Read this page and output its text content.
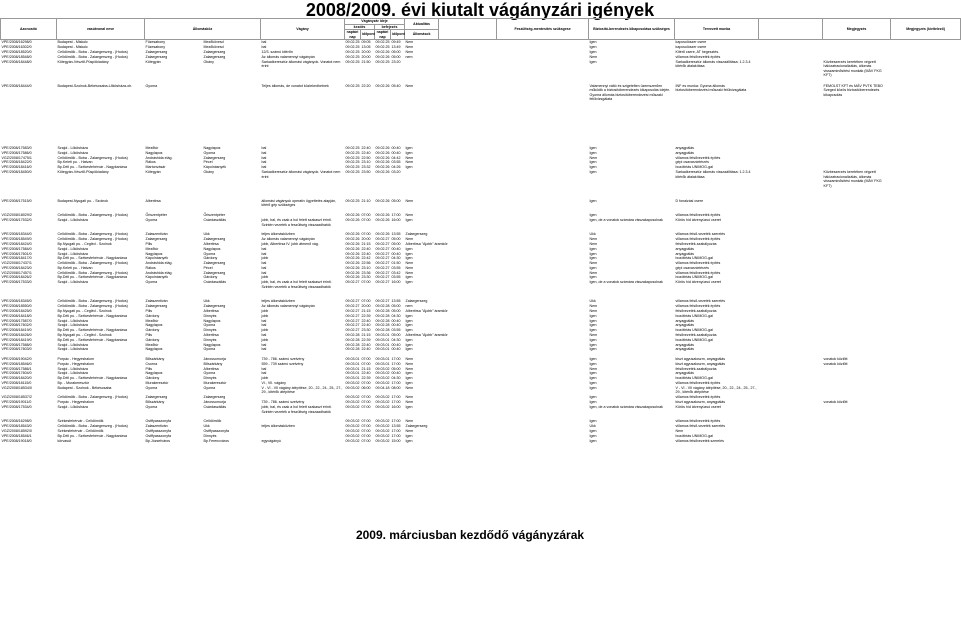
2008/2009. évi kiutalt vágányzári igények
Azonosító	vasútvonal neve	Állomásköz		Vágány	Vágányzár ideje				Aktualitás		Feszültség-mentesítés szüksgese	Biztosító-berendezés kikapcsolása szükséges	Tervezett munka		Megjegyzés	Megjegyzés (kivitelező)
					kezdés		befejezés									
					naptári nap	időpont	naptári nap	időpont	Állomások							
VPE/2008/16298/0	Budapest - Miskolc	Füzesabony	Mezőkövesd	bal	09.02.25	09:05	09.02.25	09:49	Nem			Igen	kapcsolószer csere			
VPE/2008/16302/0	Budapest - Miskolc	Füzesabony	Mezőkövesd	bal	09.02.25	13:05	09.02.25	13:49	Nem			Igen	kapcsolószer csere			
VPE/2008/18520/0	Celldömölk - Boba - Zalaegerszeg - (Hodos)	Zalaegerszeg	Zalaegerszeg	12/3. számú kitérőn	09.02.25	20:00	09.02.26	05:00	Nem			Igen	Kitérő csere, AT hegesztés.			
VPE/2008/18548/0	Celldömölk - Boba - Zalaegerszeg - (Hodos)	Zalaegerszeg	Zalaegerszeg	Az állomás valamennyi vágányán	09.02.25	20:00	09.02.26	05:00	nem			Nem	villamos felsővezeték építés			
VPE/2008/18448/0	Kötegyán-Vésztő-Püspökladány	Kötegyán	Okány	Sarkadkeresztúr állomási vágányok. Vonatot nem érint	09.02.25	21:50	09.02.25	23:20				Igen	Sarkadkeresztúr állomás visszaállítása: 1.2.3.4 kitérők átalakítása		Közbeszerzés keretében végzett hálózatracionalizálás, állomás visszaminősítési munkák (MÁV FKG KFT)	
VPE/2008/18444/0	Budapest-Szolnok-Békéscsaba-Lőkösháza-oh.	Gyoma		Teljes állomás, de vonatot közlekedhetnek	09.02.25	22:20	09.02.26	05:40	Nem			Valamennyi váltó és szigetelten üzemszerűen működik a biztosítóberendezés kikapcsolás idején. Gyoma állomás biztosítóberendezési műszaki felülvizsgálata	INF es munka: Gyoma állomás biztosítóberendezési műszaki felülvizsgálata		FEMOLST KFT és MÁV PVTK TEBO Szeged közös biztosítóberendezés kikapcsolás	
VPE/2008/17583/0	Szajol - Lökösháza	Mezőtúr	Nagylapos	bal	09.02.25	22:40	09.02.26	00:40	Igen			Igen	anyagpálás			
VPE/2008/17586/0	Szajol - Lökösháza	Nagylapos	Gyoma	bal	09.02.25	22:40	09.02.26	00:40	Igen			Igen	anyagpálás			
VGZ/2008/17475/1	Celldömölk - Boba - Zalaegerszeg - (Hodos)	Andráshida elág.	Zalaegerszeg	bal	09.02.25	22:50	09.02.26	04:42	Nem			Nem	villamos felsővezeték építés			
VPE/2008/18422/0	Bp.Keleti pu. - Hatvan	Rákos	Pécel	bal	09.02.25	23:10	09.02.26	03:55	Nem			Igen	gépi osavarzártérzés			
VPE/2008/18416/0	Bp.Déli pu. - Székesfehérvár - Nagykanizsa	Martonvásár	Kápolnásnyék	bal	09.02.25	23:32	09.02.26	04:26	Igen			Igen	bozótirtás UNIMOG-gal			
VPE/2008/18450/0	Kötegyán-Vésztő-Püspökladány	Kötegyán	Okány	Sarkadkeresztúr állomási vágányok. Vonatot nem érint	09.02.25	23:50	09.02.26	03:20				Igen	Sarkadkeresztúr állomás visszaállítása: 1.2.3.4 kitérők átalakítása		Közbeszerzés keretében végzett hálózatracionalizálás, állomás visszaminősítési munkák (MÁV FKG KFT)	
VPE/2008/17515/0	Budapest-Nyugati pu. - Szolnok	Albertirsa		állomási vágányok operatív ügyeltetés alapján, kitérő gép szükséges	09.02.25	21:10	09.02.26	05:00	Nem			Igen	D fonalzási csere			
VGZ/2008/18029/2	Celldömölk - Boba - Zalaegerszeg - (Hodos)	Őriszentpéter	Őriszentpéter		09.02.26	07:00	09.02.26	17:00	Nem			Igen	villamos felsővezeték építés			
VPE/2008/17532/0	Szajol - Lökösháza	Gyoma	Csárdaszállás	jobb, bal, és csak a hol felett szakaszt érinti. Szintén vezeték a feszültség visszaadhatók	09.02.26	07:00	09.02.26	16:00	Igen			Igen, de a vonatok számára visszakapcsolnak	Körös híd átvenyúzsó cseret			
VPE/2008/18344/0	Celldömölk - Boba - Zalaegerszeg - (Hodos)	Zalaszentiván	Ukk	teljes állomásközben	09.02.26	07:00	09.02.26	13:55	Zalaegerszeg			Ukk	villamos felső-vezeték szerelés			
VPE/2008/18549/0	Celldömölk - Boba - Zalaegerszeg - (Hodos)	Zalaegerszeg	Zalaegerszeg	Az állomás valamennyi vágányán	09.02.26	20:00	09.02.27	05:00	Nem			Nem	villamos felsővezeték építés			
VPE/2008/18424/0	Bp.Nyugati pu. - Cegléd - Szolnok	Pilis	Albertirsa	jobb, Albertirsa IV. jobb átmenő vág.	09.02.26	21:15	09.02.27	05:00	Albertirsa "Ajobb" áramkör			Nem	felsővezeték-szabályozás			
VPE/2008/17584/0	Szajol - Lökösháza	Mezőtúr	Nagylapos	bal	09.02.26	22:40	09.02.27	00:40	Igen			Igen	anyagpálás			
VPE/2008/17601/0	Szajol - Lökösháza	Nagylapos	Gyoma	bal	09.02.26	22:40	09.02.27	00:40	Igen			Igen	anyagpálás			
VPE/2008/18417/0	Bp.Déli pu. - Székesfehérvár - Nagykanizsa	Kápolnásnyék	Gárdony	jobb	09.02.26	22:42	09.02.27	04:30	Igen			Igen	bozótirtás UNIMOG-gal			
VGZ/2008/17437/1	Celldömölk - Boba - Zalaegerszeg - (Hodos)	Andráshida elág.	Zalaegerszeg	bal	09.02.26	22:56	09.02.27	01:50	Nem			Nem	villamos felsővezeték építés			
VPE/2008/18423/0	Bp.Keleti pu. - Hatvan	Rákos	Pécel	bal	09.02.26	23:10	09.02.27	03:55	Nem			Igen	gépi osavarzártérzés			
VGZ/2008/17457/1	Celldömölk - Boba - Zalaegerszeg - (Hodos)	Andráshida elág.	Zalaegerszeg	bal	09.02.26	23:36	09.02.27	03:42	Nem			Nem	villamos felsővezeték építés			
VPE/2008/18426/2	Bp.Déli pu. - Székesfehérvár - Nagykanizsa	Kápolnásnyék	Gárdony	jobb	09.02.26	23:30	09.02.27	03:55	Igen			Igen	bozótirtás UNIMOG-gal			
VPE/2008/17533/0	Szajol - Lökösháza	Gyoma	Csárdaszállás	jobb, bal, és csak a hol felett szakaszt érinti. Szintén vezeték a feszültség visszaadhatók	09.02.27	07:00	09.02.27	16:00	Igen			Igen, de a vonatok számára visszakapcsolnak	Körös híd átvenyúzsó cseret			
VPE/2008/18345/0	Celldömölk - Boba - Zalaegerszeg - (Hodos)	Zalaszentiván	Ukk	teljes állomásközben	09.02.27	07:00	09.02.27	13:55	Zalaegerszeg			Ukk	villamos felső-vezeték szerelés			
VPE/2008/18550/0	Celldömölk - Boba - Zalaegerszeg - (Hodos)	Zalaegerszeg	Zalaegerszeg	Az állomás valamennyi vágányán	09.02.27	20:00	09.02.28	05:00	nem			Nem	villamos felsővezeték építés			
VPE/2008/18425/0	Bp.Nyugati pu. - Cegléd - Szolnok	Pilis	Albertirsa	jobb	09.02.27	21:15	09.02.28	05:00	Albertirsa "Ajobb" áramkör			Nem	felsővezeték-szabályozás			
VPE/2008/18418/0	Bp.Déli pu. - Székesfehérvár - Nagykanizsa	Gárdony	Dinnyés	jobb	09.02.27	22:39	09.02.28	04:30	Igen			Igen	bozótirtás UNIMOG-gal			
VPE/2008/17587/0	Szajol - Lökösháza	Mezőtúr	Nagylapos	bal	09.02.27	22:40	09.02.28	00:40	Igen			Igen	anyagpálás			
VPE/2008/17602/0	Szajol - Lökösháza	Nagylapos	Gyoma	bal	09.02.27	22:40	09.02.28	00:40	Igen			Igen	anyagpálás			
VPE/2008/18419/0	Bp.Déli pu. - Székesfehérvár - Nagykanizsa	Gárdony	Dinnyés	jobb	09.02.27	23:30	09.02.28	03:55	Igen			Igen	bozótirtás UNIMOG-gal			
VPE/2008/18426/0	Bp.Nyugati pu. - Cegléd - Szolnok	Pilis	Albertirsa	bal	09.02.28	21:15	09.03.01	05:00	Albertirsa "Ajobb" áramkör			Nem	felsővezeték-szabályozás			
VPE/2008/18419/0	Bp.Déli pu. - Székesfehérvár - Nagykanizsa	Gárdony	Dinnyés	jobb	09.02.28	22:39	09.03.01	04:30	Igen			Igen	bozótirtás UNIMOG-gal			
VPE/2008/17588/0	Szajol - Lökösháza	Mezőtúr	Nagylapos	bal	09.02.28	22:40	09.03.01	00:40	Igen			Igen	anyagpálás			
VPE/2008/17603/0	Szajol - Lökösháza	Nagylapos	Gyoma	bal	09.02.28	22:40	09.03.01	00:40	Igen			Igen	anyagpálás			
VPE/2008/19042/0	Porpác - Hegyeshalom	Bőszárkány	Jánossomorja	739 - 786. számú szelvény	09.03.01	07:00	09.03.01	17:00	Nem			Igen	kiszt agyusaloszm, anyagpálás		vonatok közlött	
VPE/2008/18546/0	Porpác - Hegyeshalom	Csorna	Bőszárkány	559 - 739 számú szelvény	09.03.01	07:00	09.03.01	17:00	Nem			Igen	kiszt agyusaloszm, anyagpálás		vonatok közlött	
VPE/2008/17586/1	Szajol - Lökösháza	Pilis	Albertirsa	bal	09.03.01	21:15	09.03.02	05:00	Nem			Nem	felsővezeték-szabályozás			
VPE/2008/17604/0	Szajol - Lökösháza	Nagylapos	Gyoma	bal	09.03.01	22:40	09.03.02	00:40	Igen			Igen	anyagpálás			
VPE/2008/18420/0	Bp.Déli pu. - Székesfehérvár - Nagykanizsa	Gárdony	Dinnyés	jobb	09.03.01	22:39	09.03.02	04:30	Igen			Igen	bozótirtás UNIMOG-gal			
VPE/2008/18115/0	Bp. - Murakeresztúr	Murakeresztúr	Murakeresztúr	VI., VII. vágány	09.03.02	07:00	09.03.02	17:00	Igen			Igen	villamos felsővezeték építés			
VGZ/2008/18534/0	Budapest - Szolnok - Békéscsaba	Gyoma	Gyoma	V - VI - VII vágány átépítése, 20., 22., 24., 25., 27., 29., kitérők átépítése	09.03.02	06:00	09.04.18	08:00	Nem			Igen	V - VI - VII vágány átépítése, 20., 22., 24., 25., 27., 29., kitérők átépítése			
VGZ/2008/18537/2	Celldömölk - Boba - Zalaegerszeg - (Hodos)	Zalaegerszeg	Zalaegerszeg		09.03.02	07:00	09.03.02	17:00	Nem			Igen	villamos felsővezeték építés			
VPE/2008/19011/0	Porpác - Hegyeshalom	Bőszárkány	Jánossomorja	739 - 786. számú szelvény	09.03.02	07:00	09.03.02	17:00	Nem			Igen	kiszt agyusaloszm, anyagpálás		vonatok közlött	
VPE/2008/17534/0	Szajol - Lökösháza	Gyoma	Csárdaszállás	jobb, bal, és csak a hol felett szakaszt érinti. Szintén vezeték a feszültség visszaadhatók	09.03.02	07:00	09.03.02	16:00	Igen			Igen, de a vonatok számára visszakapcsolnak	Körös híd átvenyúzsó cseret			
VPE/2008/16298/0	Székesfehérvár - Celldömölk	Ostffyasszonyfa	Celldömölk		09.03.02	07:00	09.03.02	17:00	Nem			Igen	villamos felsővezeték építés			
VPE/2008/18543/0	Celldömölk - Boba - Zalaegerszeg - (Hodos)	Zalaszentiván	Ukk	teljes állomásközben	09.03.02	07:00	09.03.02	13:55	Zalaegerszeg			Ukk	villamos felső-vezeték szerelés			
VGZ/2008/18592/0	Székesfehérvár - Celldömölk	Ostffyasszonyfa	Ostffyasszonyfa		09.03.02	07:00	09.03.02	17:00	Nem			Igen	Nem			
VPE/2008/18546/1	Bp.Déli pu. - Székesfehérvár - Nagykanizsa	Ostffyasszonyfa	Dinnyés		09.03.02	07:00	09.03.02	17:00	Igen			Igen	bozótirtás UNIMOG-gal			
VPE/2008/19018/0	körvasút	Bp.Józsefváros	Bp.Ferencváros	egyvágányú	09.03.02	07:00	09.03.02	15:00	Igen			Igen	villamos felsővezeték szerelés			
2009. márciusban kezdődő vágányzárak
